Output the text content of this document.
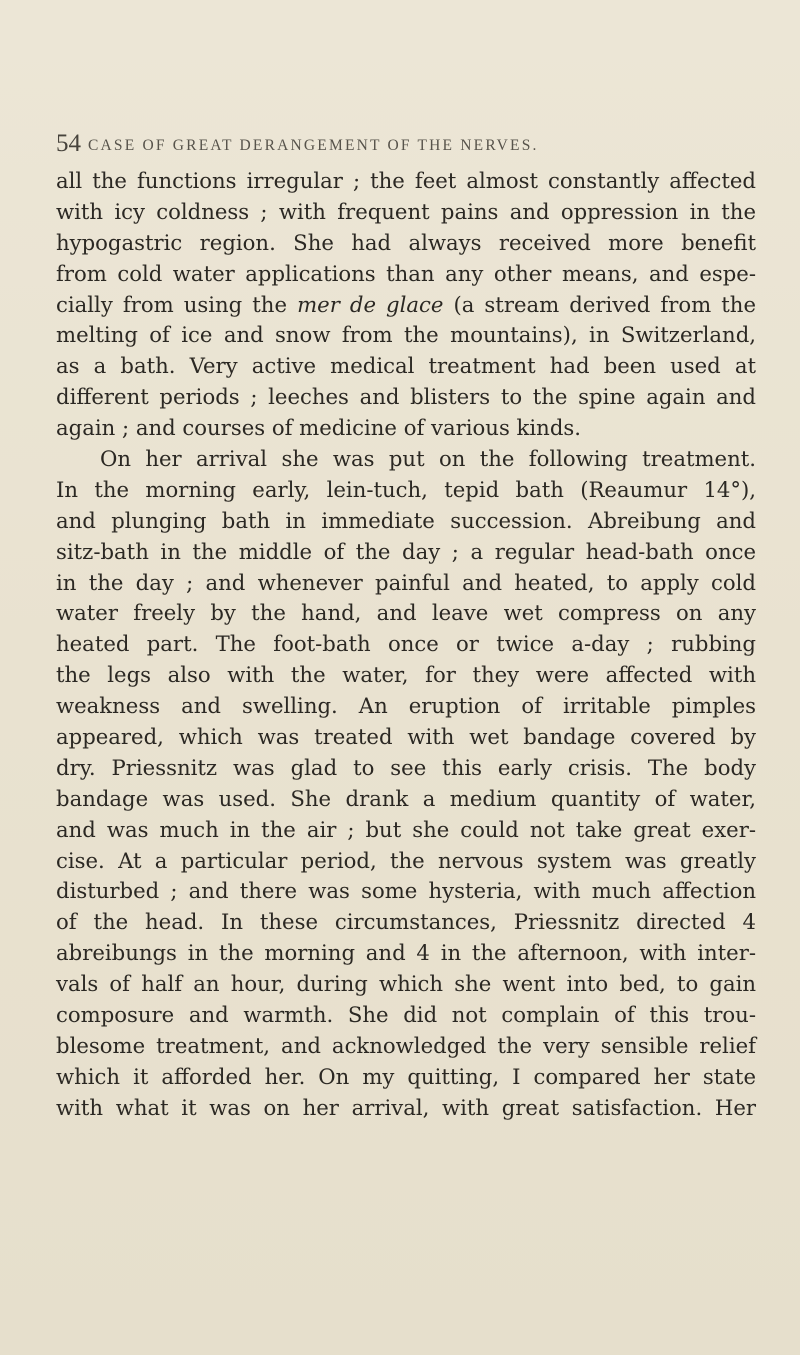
54 CASE OF GREAT DERANGEMENT OF THE NERVES.
all the functions irregular ; the feet almost constantly affected
with icy coldness ; with frequent pains and oppression in the
hypogastric region. She had always received more benefit
from cold water applications than any other means, and espe-
cially from using the mer de glace (a stream derived from the
melting of ice and snow from the mountains), in Switzerland,
as a bath. Very active medical treatment had been used at
different periods ; leeches and blisters to the spine again and
again ; and courses of medicine of various kinds.
On her arrival she was put on the following treatment.
In the morning early, lein-tuch, tepid bath (Reaumur 14°),
and plunging bath in immediate succession. Abreibung and
sitz-bath in the middle of the day ; a regular head-bath once
in the day ; and whenever painful and heated, to apply cold
water freely by the hand, and leave wet compress on any
heated part. The foot-bath once or twice a-day ; rubbing
the legs also with the water, for they were affected with
weakness and swelling. An eruption of irritable pimples
appeared, which was treated with wet bandage covered by
dry. Priessnitz was glad to see this early crisis. The body
bandage was used. She drank a medium quantity of water,
and was much in the air ; but she could not take great exer-
cise. At a particular period, the nervous system was greatly
disturbed ; and there was some hysteria, with much affection
of the head. In these circumstances, Priessnitz directed 4
abreibungs in the morning and 4 in the afternoon, with inter-
vals of half an hour, during which she went into bed, to gain
composure and warmth. She did not complain of this trou-
blesome treatment, and acknowledged the very sensible relief
which it afforded her. On my quitting, I compared her state
with what it was on her arrival, with great satisfaction. Her
